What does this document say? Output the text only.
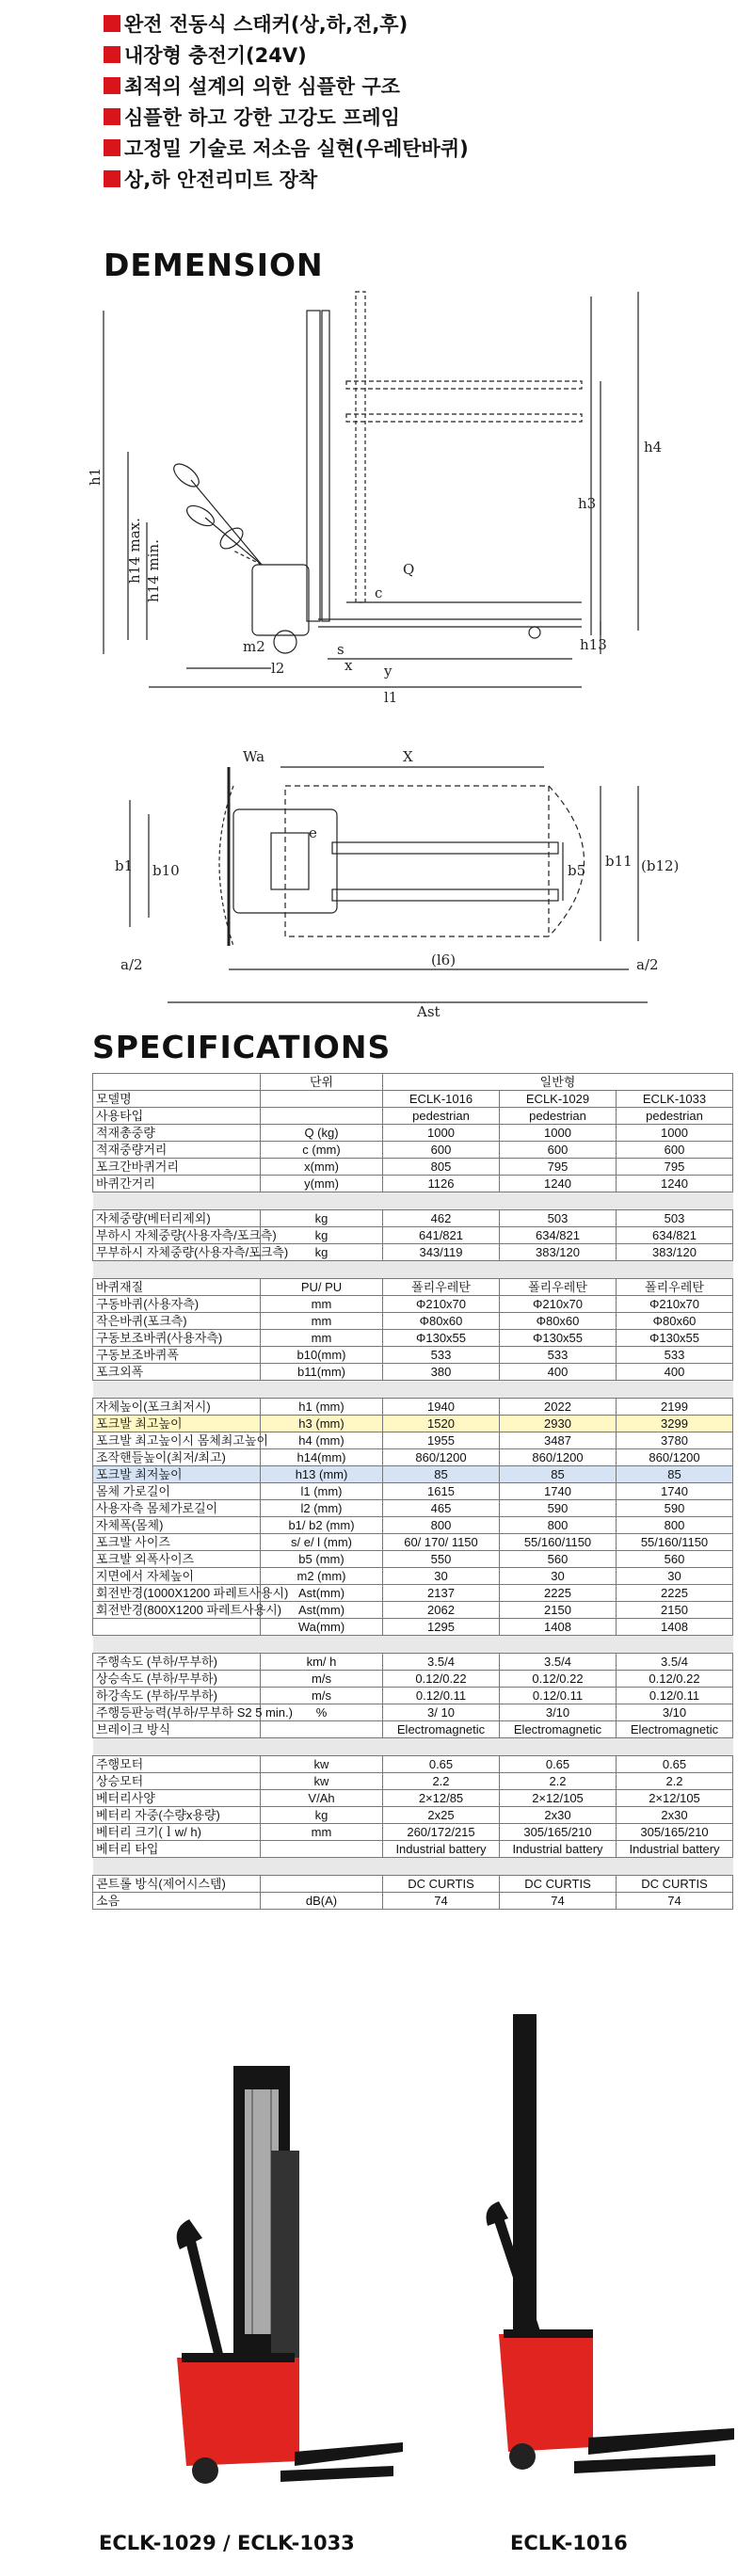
완전 전동식 스태커(상,하,전,후)
내장형 충전기(24V)
최적의 설계의 의한 심플한 구조
심플한 하고 강한 고강도 프레임
고정밀 기술로 저소음 실현(우레탄바퀴)
상,하 안전리미트 장착
DEMENSION
h1
h14 max. h14 min.
h3
h4
h13
l2
m2
y
l1
c
Q
s
x
X
Wa
b1 b10
e
b5
b11 (b12)
(l6)
Ast
a/2	a/2
SPECIFICATIONS
	단위	일반형		
모델명		ECLK-1016	ECLK-1029	ECLK-1033
사용타입		pedestrian	pedestrian	pedestrian
적재총중량	Q (kg)	1000	1000	1000
적재중량거리	c (mm)	600	600	600
포크간바퀴거리	x(mm)	805	795	795
바퀴간거리	y(mm)	1126	1240	1240

자체중량(베터리제외)	kg	462	503	503
부하시 자체중량(사용자측/포크측)	kg	641/821	634/821	634/821
무부하시 자체중량(사용자측/포크측)	kg	343/119	383/120	383/120

바퀴재질	PU/ PU	폴리우레탄	폴리우레탄	폴리우레탄
구동바퀴(사용자측)	mm	Φ210x70	Φ210x70	Φ210x70
작은바퀴(포크측)	mm	Φ80x60	Φ80x60	Φ80x60
구동보조바퀴(사용자측)	mm	Φ130x55	Φ130x55	Φ130x55
구동보조바퀴폭	b10(mm)	533	533	533
포크외폭	b11(mm)	380	400	400

자체높이(포크최저시)	h1 (mm)	1940	2022	2199
포크발 최고높이	h3 (mm)	1520	2930	3299
포크발 최고높이시 몸체최고높이	h4 (mm)	1955	3487	3780
조작핸들높이(최저/최고)	h14(mm)	860/1200	860/1200	860/1200
포크발 최저높이	h13 (mm)	85	85	85
몸체 가로길이	l1 (mm)	1615	1740	1740
사용자측 몸체가로길이	l2 (mm)	465	590	590
자체폭(몸체)	b1/ b2 (mm)	800	800	800
포크발 사이즈	s/ e/ l (mm)	60/ 170/ 1150	55/160/1150	55/160/1150
포크발 외폭사이즈	b5 (mm)	550	560	560
지면에서 자체높이	m2 (mm)	30	30	30
회전반경(1000X1200 파레트사용시)	Ast(mm)	2137	2225	2225
회전반경(800X1200 파레트사용시)	Ast(mm)	2062	2150	2150
	Wa(mm)	1295	1408	1408

주행속도 (부하/무부하)	km/ h	3.5/4	3.5/4	3.5/4
상승속도 (부하/무부하)	m/s	0.12/0.22	0.12/0.22	0.12/0.22
하강속도 (부하/무부하)	m/s	0.12/0.11	0.12/0.11	0.12/0.11
주행등판능력(부하/무부하 S2 5 min.)	%	3/ 10	3/10	3/10
브레이크 방식		Electromagnetic	Electromagnetic	Electromagnetic

주행모터	kw	0.65	0.65	0.65
상승모터	kw	2.2	2.2	2.2
베터리사양	V/Ah	2×12/85	2×12/105	2×12/105
베터리 자중(수량x용량)	kg	2x25	2x30	2x30
베터리 크기(ｌw/ h)	mm	260/172/215	305/165/210	305/165/210
베터리 타입		Industrial battery	Industrial battery	Industrial battery

콘트롤 방식(제어시스템)		DC CURTIS	DC CURTIS	DC CURTIS
소음	dB(A)	74	74	74
ECLK-1029 / ECLK-1033	ECLK-1016
